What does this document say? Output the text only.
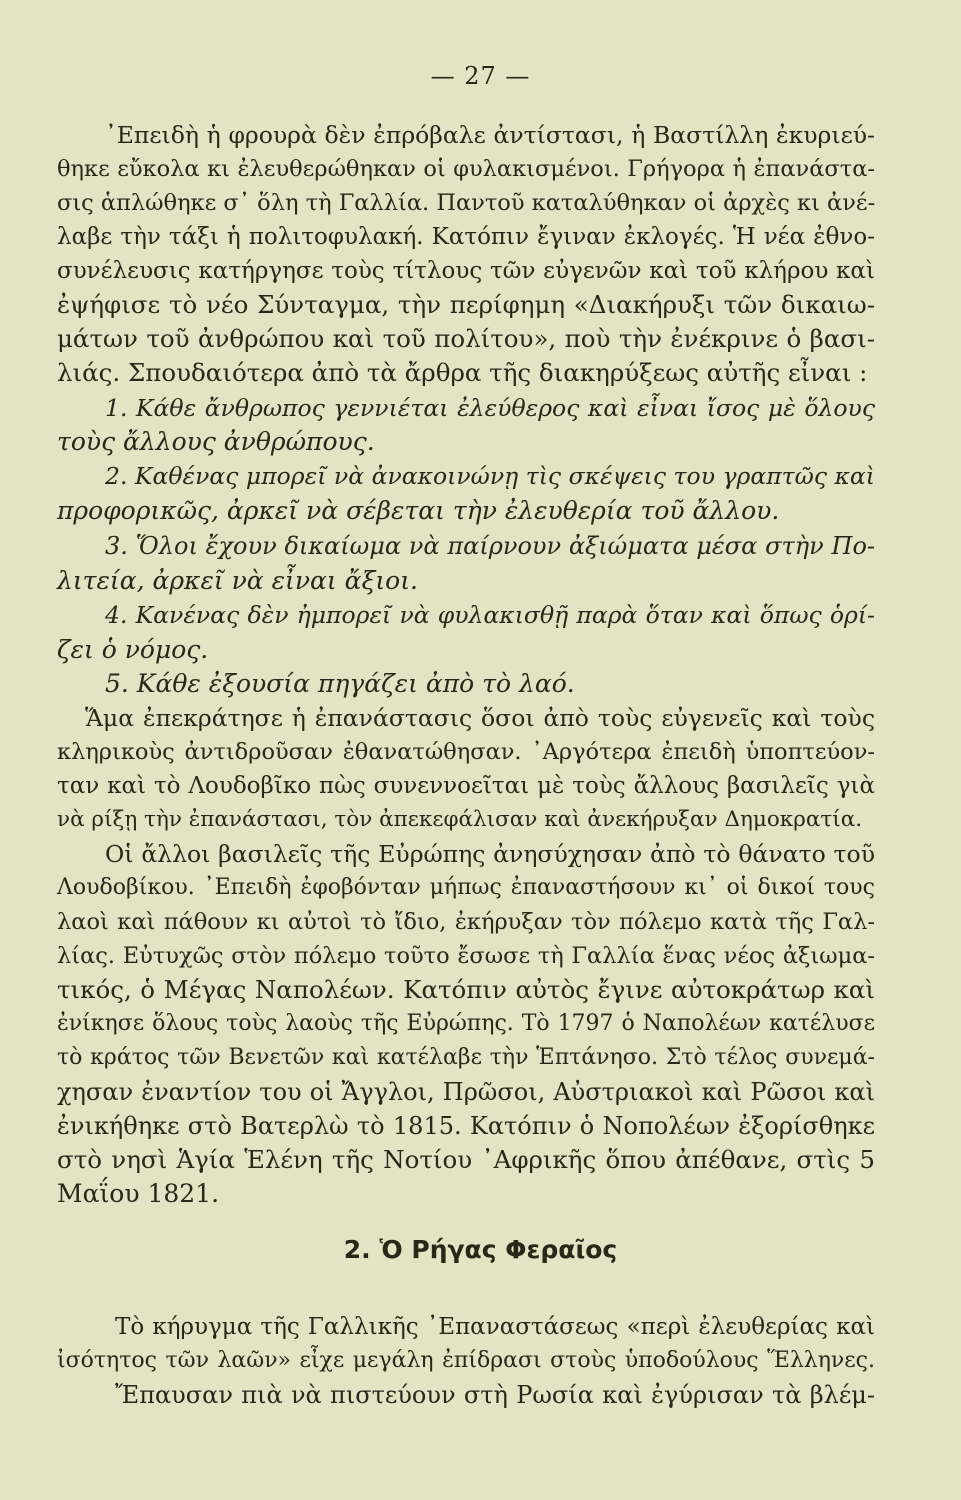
— 27 —
᾽Επειδὴ ἡ φρουρὰ δὲν ἐπρόβαλε ἀντίστασι, ἡ Βαστίλλη ἐκυριεύ-
θηκε εὔκολα κι ἐλευθερώθηκαν οἱ φυλακισμένοι. Γρήγορα ἡ ἐπανάστα-
σις ἁπλώθηκε σ᾽ ὅλη τὴ Γαλλία. Παντοῦ καταλύθηκαν οἱ ἀρχὲς κι ἀνέ-
λαβε τὴν τάξι ἡ πολιτοφυλακή. Κατόπιν ἔγιναν ἐκλογές. Ἡ νέα ἐθνο-
συνέλευσις κατήργησε τοὺς τίτλους τῶν εὐγενῶν καὶ τοῦ κλήρου καὶ
ἐψήφισε τὸ νέο Σύνταγμα, τὴν περίφημη «Διακήρυξι τῶν δικαιω-
μάτων τοῦ ἀνθρώπου καὶ τοῦ πολίτου», ποὺ τὴν ἐνέκρινε ὁ βασι-
λιάς. Σπουδαιότερα ἀπὸ τὰ ἄρθρα τῆς διακηρύξεως αὐτῆς εἶναι :
1. Κάθε ἄνθρωπος γεννιέται ἐλεύθερος καὶ εἶναι ἴσος μὲ ὅλους
τοὺς ἄλλους ἀνθρώπους.
2. Καθένας μπορεῖ νὰ ἀνακοινώνῃ τὶς σκέψεις του γραπτῶς καὶ
προφορικῶς, ἀρκεῖ νὰ σέβεται τὴν ἐλευθερία τοῦ ἄλλου.
3. Ὅλοι ἔχουν δικαίωμα νὰ παίρνουν ἀξιώματα μέσα στὴν Πο-
λιτεία, ἀρκεῖ νὰ εἶναι ἄξιοι.
4. Κανένας δὲν ἠμπορεῖ νὰ φυλακισθῇ παρὰ ὅταν καὶ ὅπως ὁρί-
ζει ὁ νόμος.
5. Κάθε ἐξουσία πηγάζει ἀπὸ τὸ λαό.
Ἅμα ἐπεκράτησε ἡ ἐπανάστασις ὅσοι ἀπὸ τοὺς εὐγενεῖς καὶ τοὺς
κληρικοὺς ἀντιδροῦσαν ἐθανατώθησαν. ᾽Αργότερα ἐπειδὴ ὑποπτεύον-
ταν καὶ τὸ Λουδοβῖκο πὼς συνεννοεῖται μὲ τοὺς ἄλλους βασιλεῖς γιὰ
νὰ ρίξῃ τὴν ἐπανάστασι, τὸν ἀπεκεφάλισαν καὶ ἀνεκήρυξαν Δημοκρατία.
Οἱ ἄλλοι βασιλεῖς τῆς Εὐρώπης ἀνησύχησαν ἀπὸ τὸ θάνατο τοῦ
Λουδοβίκου. ᾽Επειδὴ ἐφοβόνταν μήπως ἐπαναστήσουν κι᾽ οἱ δικοί τους
λαοὶ καὶ πάθουν κι αὐτοὶ τὸ ἴδιο, ἐκήρυξαν τὸν πόλεμο κατὰ τῆς Γαλ-
λίας. Εὐτυχῶς στὸν πόλεμο τοῦτο ἔσωσε τὴ Γαλλία ἕνας νέος ἀξιωμα-
τικός, ὁ Μέγας Ναπολέων. Κατόπιν αὐτὸς ἔγινε αὐτοκράτωρ καὶ
ἐνίκησε ὅλους τοὺς λαοὺς τῆς Εὐρώπης. Τὸ 1797 ὁ Ναπολέων κατέλυσε
τὸ κράτος τῶν Βενετῶν καὶ κατέλαβε τὴν Ἑπτάνησο. Στὸ τέλος συνεμά-
χησαν ἐναντίον του οἱ Ἄγγλοι, Πρῶσοι, Αὐστριακοὶ καὶ Ρῶσοι καὶ
ἐνικήθηκε στὸ Βατερλὼ τὸ 1815. Κατόπιν ὁ Νοπολέων ἐξορίσθηκε
στὸ νησὶ Ἁγία Ἑλένη τῆς Νοτίου ᾽Αφρικῆς ὅπου ἀπέθανε, στὶς 5
Μαΐου 1821.
2. Ὁ Ρήγας Φεραῖος
Τὸ κήρυγμα τῆς Γαλλικῆς ᾽Επαναστάσεως «περὶ ἐλευθερίας καὶ
ἰσότητος τῶν λαῶν» εἶχε μεγάλη ἐπίδρασι στοὺς ὑποδούλους Ἕλληνες.
Ἔπαυσαν πιὰ νὰ πιστεύουν στὴ Ρωσία καὶ ἐγύρισαν τὰ βλέμ-
